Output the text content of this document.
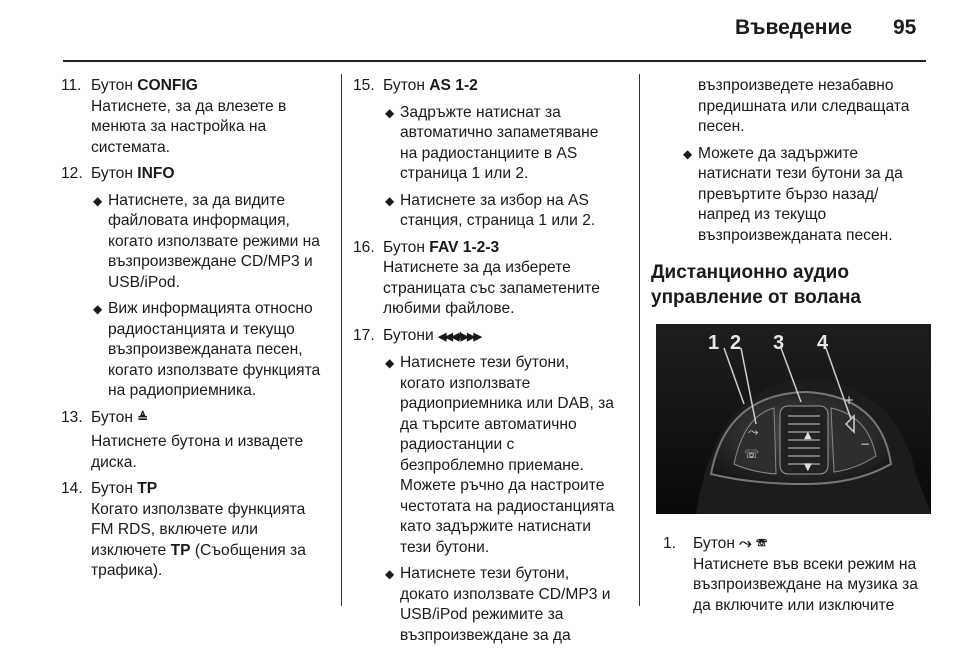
Въведение 95
11. Бутон CONFIG
Натиснете, за да влезете в
менюта за настройка на
системата.
12. Бутон INFO
◆ Натиснете, за да видите
файловата информация,
когато използвате режими на
възпроизвеждане CD/MP3 и
USB/iPod.
◆ Виж информацията относно
радиостанцията и текущо
възпроизвежданата песен,
когато използвате функцията
на радиоприемника.
13. Бутон ≜
Натиснете бутона и извадете
диска.
14. Бутон TP
Когато използвате функцията
FM RDS, включете или
изключете TP (Съобщения за
трафика).
15. Бутон AS 1-2
◆ Задръжте натиснат за
автоматично запаметяване
на радиостанциите в AS
страница 1 или 2.
◆ Натиснете за избор на AS
станция, страница 1 или 2.
16. Бутон FAV 1-2-3
Натиснете за да изберете
страницата със запаметените
любими файлове.
17. Бутони ◀◀◀ / ▶▶▶
◆ Натиснете тези бутони,
когато използвате
радиоприемника или DAB, за
да търсите автоматично
радиостанции с
безпроблемно приемане.
Можете ръчно да настроите
честотата на радиостанцията
като задържите натиснати
тези бутони.
◆ Натиснете тези бутони,
докато използвате CD/MP3 и
USB/iPod режимите за
възпроизвеждане за да
възпроизведете незабавно
предишната или следващата
песен.
◆ Можете да задържите
натиснати тези бутони за да
превъртите бързо назад/
напред из текущо
възпроизвежданата песен.
Дистанционно аудио
управление от волана
⤳
☏
+
−
▲
▼
1 2 3 4
1. Бутон ⤳ ☏
Натиснете във всеки режим на
възпроизвеждане на музика за
да включите или изключите
